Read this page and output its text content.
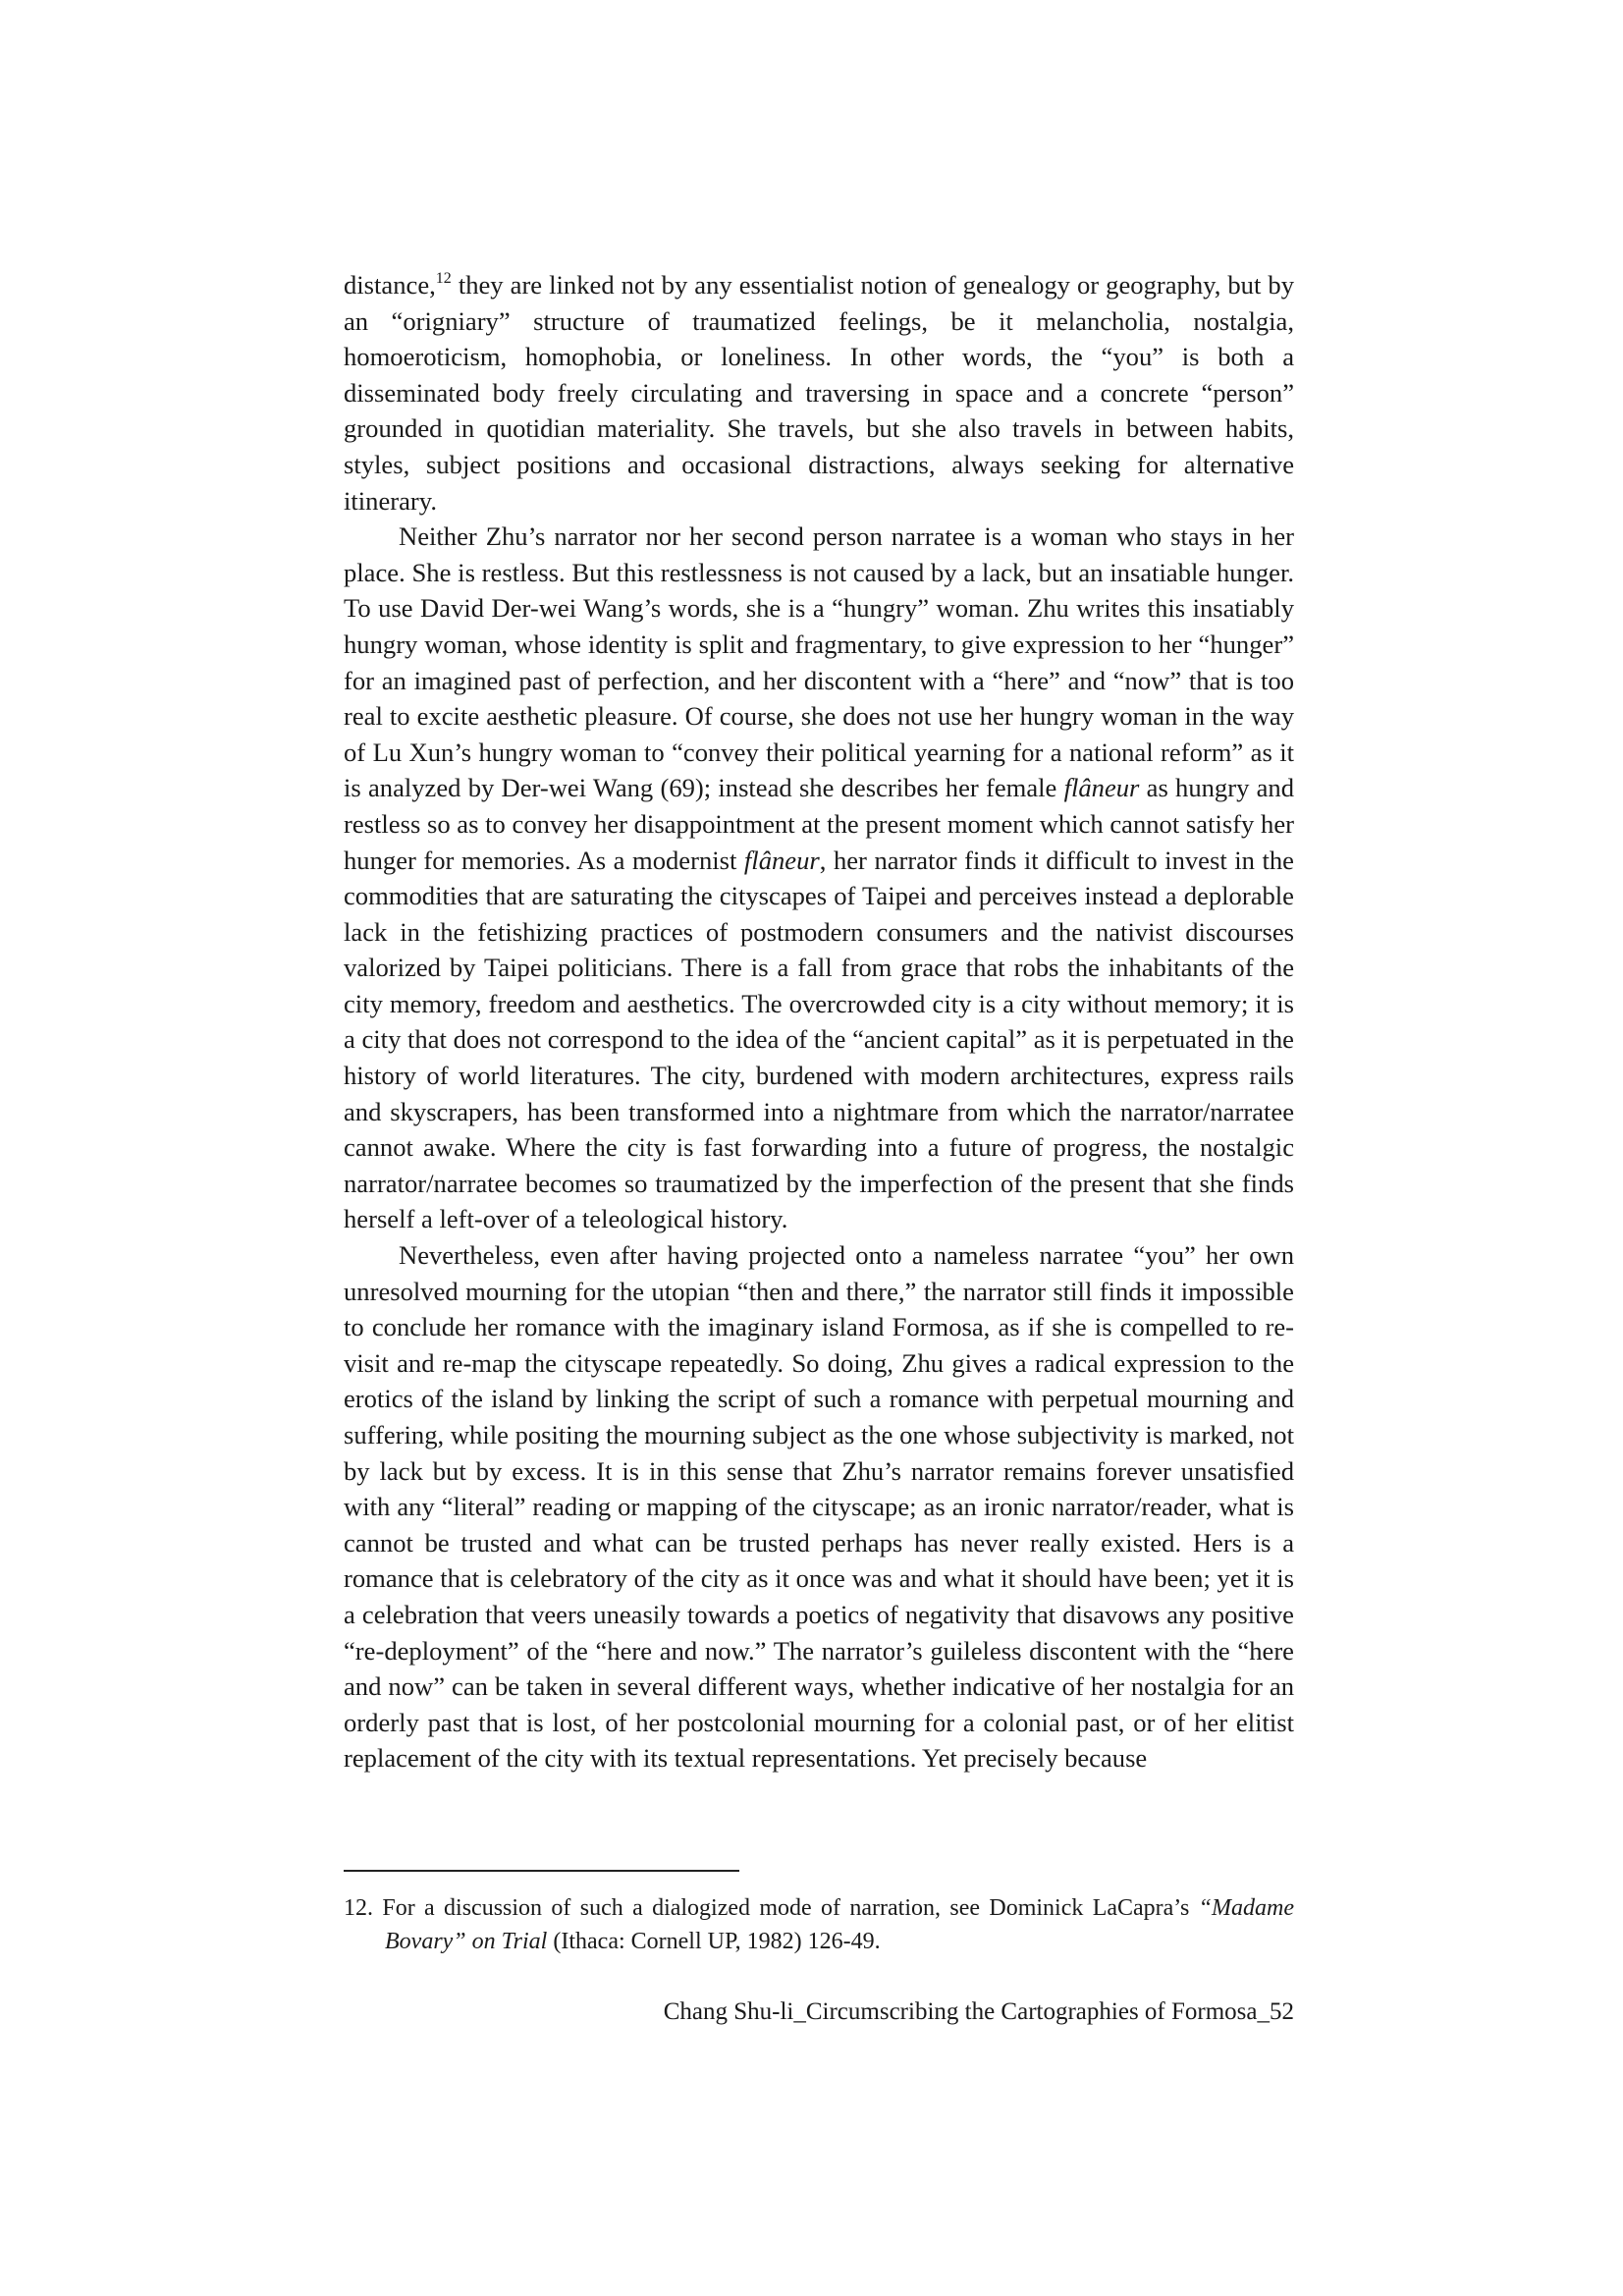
distance,$^{12}$ they are linked not by any essentialist notion of genealogy or geography, but by an “origniary” structure of traumatized feelings, be it melancholia, nostalgia, homoeroticism, homophobia, or loneliness. In other words, the “you” is both a disseminated body freely circulating and traversing in space and a concrete “person” grounded in quotidian materiality. She travels, but she also travels in between habits, styles, subject positions and occasional distractions, always seeking for alternative itinerary.

Neither Zhu’s narrator nor her second person narratee is a woman who stays in her place. She is restless. But this restlessness is not caused by a lack, but an insatiable hunger. To use David Der-wei Wang’s words, she is a “hungry” woman. Zhu writes this insatiably hungry woman, whose identity is split and fragmentary, to give expression to her “hunger” for an imagined past of perfection, and her discontent with a “here” and “now” that is too real to excite aesthetic pleasure. Of course, she does not use her hungry woman in the way of Lu Xun’s hungry woman to “convey their political yearning for a national reform” as it is analyzed by Der-wei Wang (69); instead she describes her female flâneur as hungry and restless so as to convey her disappointment at the present moment which cannot satisfy her hunger for memories. As a modernist flâneur, her narrator finds it difficult to invest in the commodities that are saturating the cityscapes of Taipei and perceives instead a deplorable lack in the fetishizing practices of postmodern consumers and the nativist discourses valorized by Taipei politicians. There is a fall from grace that robs the inhabitants of the city memory, freedom and aesthetics. The overcrowded city is a city without memory; it is a city that does not correspond to the idea of the “ancient capital” as it is perpetuated in the history of world literatures. The city, burdened with modern architectures, express rails and skyscrapers, has been transformed into a nightmare from which the narrator/narratee cannot awake. Where the city is fast forwarding into a future of progress, the nostalgic narrator/narratee becomes so traumatized by the imperfection of the present that she finds herself a left-over of a teleological history.

Nevertheless, even after having projected onto a nameless narratee “you” her own unresolved mourning for the utopian “then and there,” the narrator still finds it impossible to conclude her romance with the imaginary island Formosa, as if she is compelled to re-visit and re-map the cityscape repeatedly. So doing, Zhu gives a radical expression to the erotics of the island by linking the script of such a romance with perpetual mourning and suffering, while positing the mourning subject as the one whose subjectivity is marked, not by lack but by excess. It is in this sense that Zhu’s narrator remains forever unsatisfied with any “literal” reading or mapping of the cityscape; as an ironic narrator/reader, what is cannot be trusted and what can be trusted perhaps has never really existed. Hers is a romance that is celebratory of the city as it once was and what it should have been; yet it is a celebration that veers uneasily towards a poetics of negativity that disavows any positive “re-deployment” of the “here and now.” The narrator’s guileless discontent with the “here and now” can be taken in several different ways, whether indicative of her nostalgia for an orderly past that is lost, of her postcolonial mourning for a colonial past, or of her elitist replacement of the city with its textual representations. Yet precisely because

12. For a discussion of such a dialogized mode of narration, see Dominick LaCapra’s “Madame Bovary” on Trial (Ithaca: Cornell UP, 1982) 126-49.
Chang Shu-li_Circumscribing the Cartographies of Formosa_52
